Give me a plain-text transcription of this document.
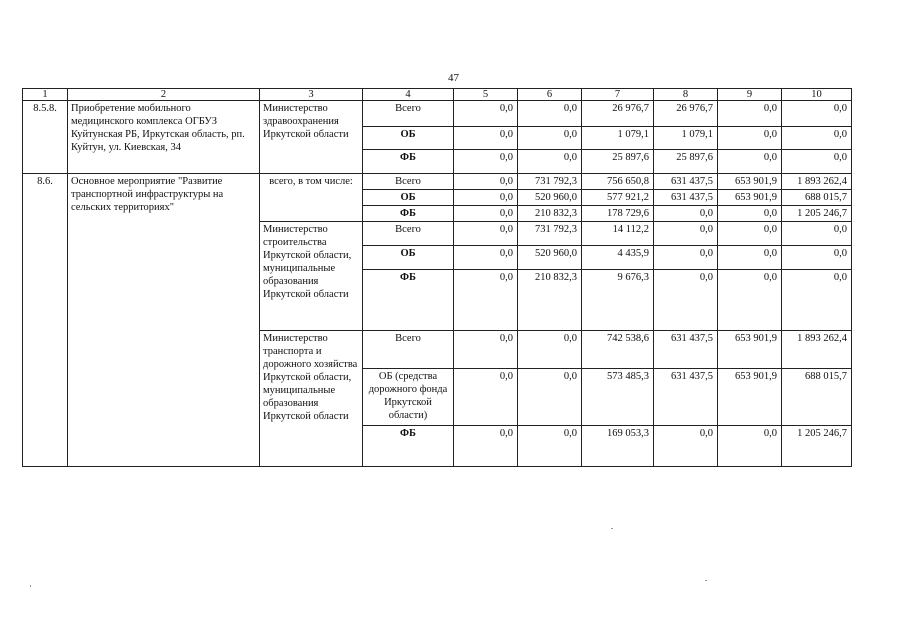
47
1	2	3	4	5	6	7	8	9	10
8.5.8.	Приобретение мобильного медицинского комплекса ОГБУЗ Куйтунская РБ, Иркутская область, рп. Куйтун, ул. Киевская, 34	Министерство здравоохранения Иркутской области	Всего	0,0	0,0	26 976,7	26 976,7	0,0	0,0
			ОБ	0,0	0,0	1 079,1	1 079,1	0,0	0,0
			ФБ	0,0	0,0	25 897,6	25 897,6	0,0	0,0
8.6.	Основное мероприятие "Развитие транспортной инфраструктуры на сельских территориях"	всего, в том числе:	Всего	0,0	731 792,3	756 650,8	631 437,5	653 901,9	1 893 262,4
			ОБ	0,0	520 960,0	577 921,2	631 437,5	653 901,9	688 015,7
			ФБ	0,0	210 832,3	178 729,6	0,0	0,0	1 205 246,7
		Министерство строительства Иркутской области, муниципальные образования Иркутской области	Всего	0,0	731 792,3	14 112,2	0,0	0,0	0,0
			ОБ	0,0	520 960,0	4 435,9	0,0	0,0	0,0
			ФБ	0,0	210 832,3	9 676,3	0,0	0,0	0,0
		Министерство транспорта и дорожного хозяйства Иркутской области, муниципальные образования Иркутской области	Всего	0,0	0,0	742 538,6	631 437,5	653 901,9	1 893 262,4
			ОБ (средства дорожного фонда Иркутской области)	0,0	0,0	573 485,3	631 437,5	653 901,9	688 015,7
			ФБ	0,0	0,0	169 053,3	0,0	0,0	1 205 246,7
